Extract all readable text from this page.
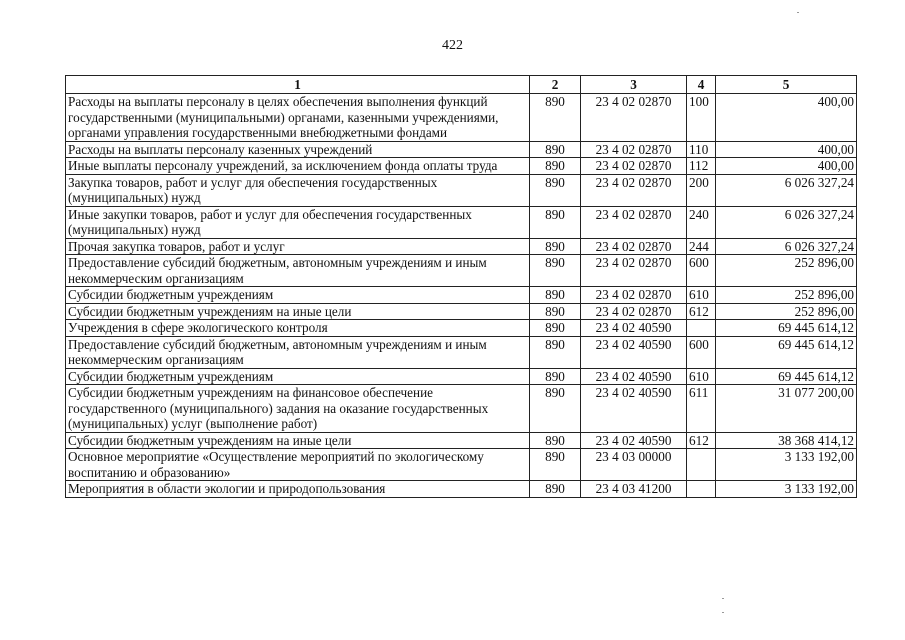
422
1	2	3	4	5
Расходы на выплаты персоналу в целях обеспечения выполнения функций государственными (муниципальными) органами, казенными учреждениями, органами управления государственными внебюджетными фондами	890	23 4 02 02870	100	400,00
Расходы на выплаты персоналу казенных учреждений	890	23 4 02 02870	110	400,00
Иные выплаты персоналу учреждений, за исключением фонда оплаты труда	890	23 4 02 02870	112	400,00
Закупка товаров, работ и услуг для обеспечения государственных (муниципальных) нужд	890	23 4 02 02870	200	6 026 327,24
Иные закупки товаров, работ и услуг для обеспечения государственных (муниципальных) нужд	890	23 4 02 02870	240	6 026 327,24
Прочая закупка товаров, работ и услуг	890	23 4 02 02870	244	6 026 327,24
Предоставление субсидий бюджетным, автономным учреждениям и иным некоммерческим организациям	890	23 4 02 02870	600	252 896,00
Субсидии бюджетным учреждениям	890	23 4 02 02870	610	252 896,00
Субсидии бюджетным учреждениям на иные цели	890	23 4 02 02870	612	252 896,00
Учреждения в сфере экологического контроля	890	23 4 02 40590		69 445 614,12
Предоставление субсидий бюджетным, автономным учреждениям и иным некоммерческим организациям	890	23 4 02 40590	600	69 445 614,12
Субсидии бюджетным учреждениям	890	23 4 02 40590	610	69 445 614,12
Субсидии бюджетным учреждениям на финансовое обеспечение государственного (муниципального) задания на оказание государственных (муниципальных) услуг (выполнение работ)	890	23 4 02 40590	611	31 077 200,00
Субсидии бюджетным учреждениям на иные цели	890	23 4 02 40590	612	38 368 414,12
Основное мероприятие «Осуществление мероприятий по экологическому воспитанию и образованию»	890	23 4 03 00000		3 133 192,00
Мероприятия в области экологии и природопользования	890	23 4 03 41200		3 133 192,00
